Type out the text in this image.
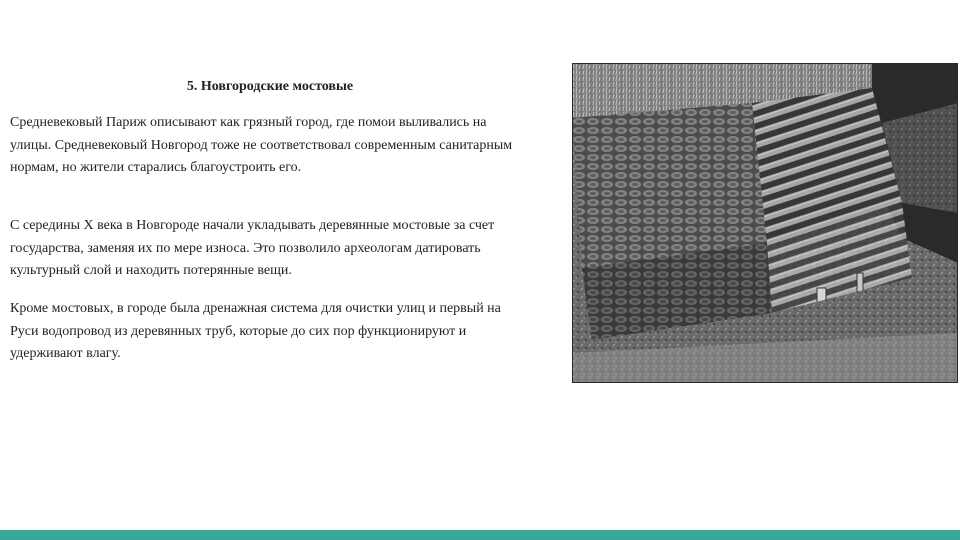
5. Новгородские мостовые

Средневековый Париж описывают как грязный город, где помои выливались на улицы. Средневековый Новгород тоже не соответствовал современным санитарным нормам, но жители старались благоустроить его.

С середины X века в Новгороде начали укладывать деревянные мостовые за счет государства, заменяя их по мере износа. Это позволило археологам датировать культурный слой и находить потерянные вещи.

Кроме мостовых, в городе была дренажная система для очистки улиц и первый на Руси водопровод из деревянных труб, которые до сих пор функционируют и удерживают влагу.
